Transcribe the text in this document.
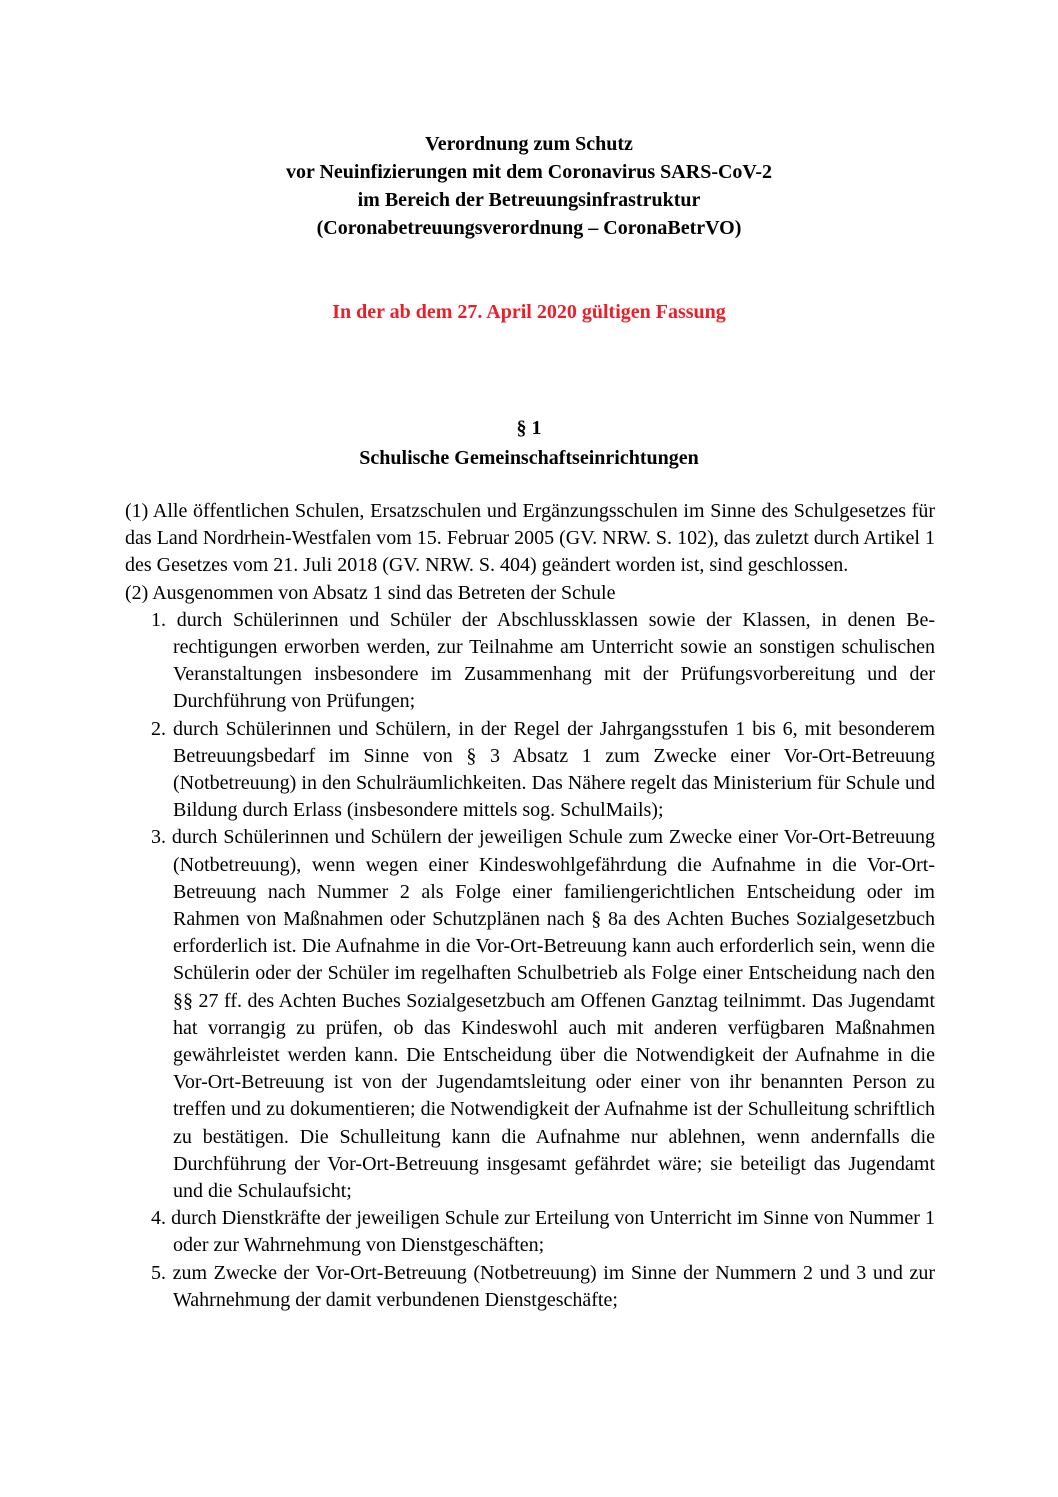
Verordnung zum Schutz
vor Neuinfizierungen mit dem Coronavirus SARS-CoV-2
im Bereich der Betreuungsinfrastruktur
(Coronabetreuungsverordnung – CoronaBetrVO)
In der ab dem 27. April 2020 gültigen Fassung
§ 1
Schulische Gemeinschaftseinrichtungen

(1) Alle öffentlichen Schulen, Ersatzschulen und Ergänzungsschulen im Sinne des Schulgesetzes für das Land Nordrhein-Westfalen vom 15. Februar 2005 (GV. NRW. S. 102), das zuletzt durch Artikel 1 des Gesetzes vom 21. Juli 2018 (GV. NRW. S. 404) geändert worden ist, sind geschlossen.

(2) Ausgenommen von Absatz 1 sind das Betreten der Schule

1. durch Schülerinnen und Schüler der Abschlussklassen sowie der Klassen, in denen Berechtigungen erworben werden, zur Teilnahme am Unterricht sowie an sonstigen schulischen Veranstaltungen insbesondere im Zusammenhang mit der Prüfungsvorbereitung und der Durchführung von Prüfungen;

2. durch Schülerinnen und Schülern, in der Regel der Jahrgangsstufen 1 bis 6, mit besonderem Betreuungsbedarf im Sinne von § 3 Absatz 1 zum Zwecke einer Vor-Ort-Betreuung (Notbetreuung) in den Schulräumlichkeiten. Das Nähere regelt das Ministerium für Schule und Bildung durch Erlass (insbesondere mittels sog. SchulMails);

3. durch Schülerinnen und Schülern der jeweiligen Schule zum Zwecke einer Vor-Ort-Betreuung (Notbetreuung), wenn wegen einer Kindeswohlgefährdung die Aufnahme in die Vor-Ort-Betreuung nach Nummer 2 als Folge einer familiengerichtlichen Entscheidung oder im Rahmen von Maßnahmen oder Schutzplänen nach § 8a des Achten Buches Sozialgesetzbuch erforderlich ist. Die Aufnahme in die Vor-Ort-Betreuung kann auch erforderlich sein, wenn die Schülerin oder der Schüler im regelhaften Schulbetrieb als Folge einer Entscheidung nach den §§ 27 ff. des Achten Buches Sozialgesetzbuch am Offenen Ganztag teilnimmt. Das Jugendamt hat vorrangig zu prüfen, ob das Kindeswohl auch mit anderen verfügbaren Maßnahmen gewährleistet werden kann. Die Entscheidung über die Notwendigkeit der Aufnahme in die Vor-Ort-Betreuung ist von der Jugendamtsleitung oder einer von ihr benannten Person zu treffen und zu dokumentieren; die Notwendigkeit der Aufnahme ist der Schulleitung schriftlich zu bestätigen. Die Schulleitung kann die Aufnahme nur ablehnen, wenn andernfalls die Durchführung der Vor-Ort-Betreuung insgesamt gefährdet wäre; sie beteiligt das Jugendamt und die Schulaufsicht;

4. durch Dienstkräfte der jeweiligen Schule zur Erteilung von Unterricht im Sinne von Nummer 1 oder zur Wahrnehmung von Dienstgeschäften;

5. zum Zwecke der Vor-Ort-Betreuung (Notbetreuung) im Sinne der Nummern 2 und 3 und zur Wahrnehmung der damit verbundenen Dienstgeschäfte;
